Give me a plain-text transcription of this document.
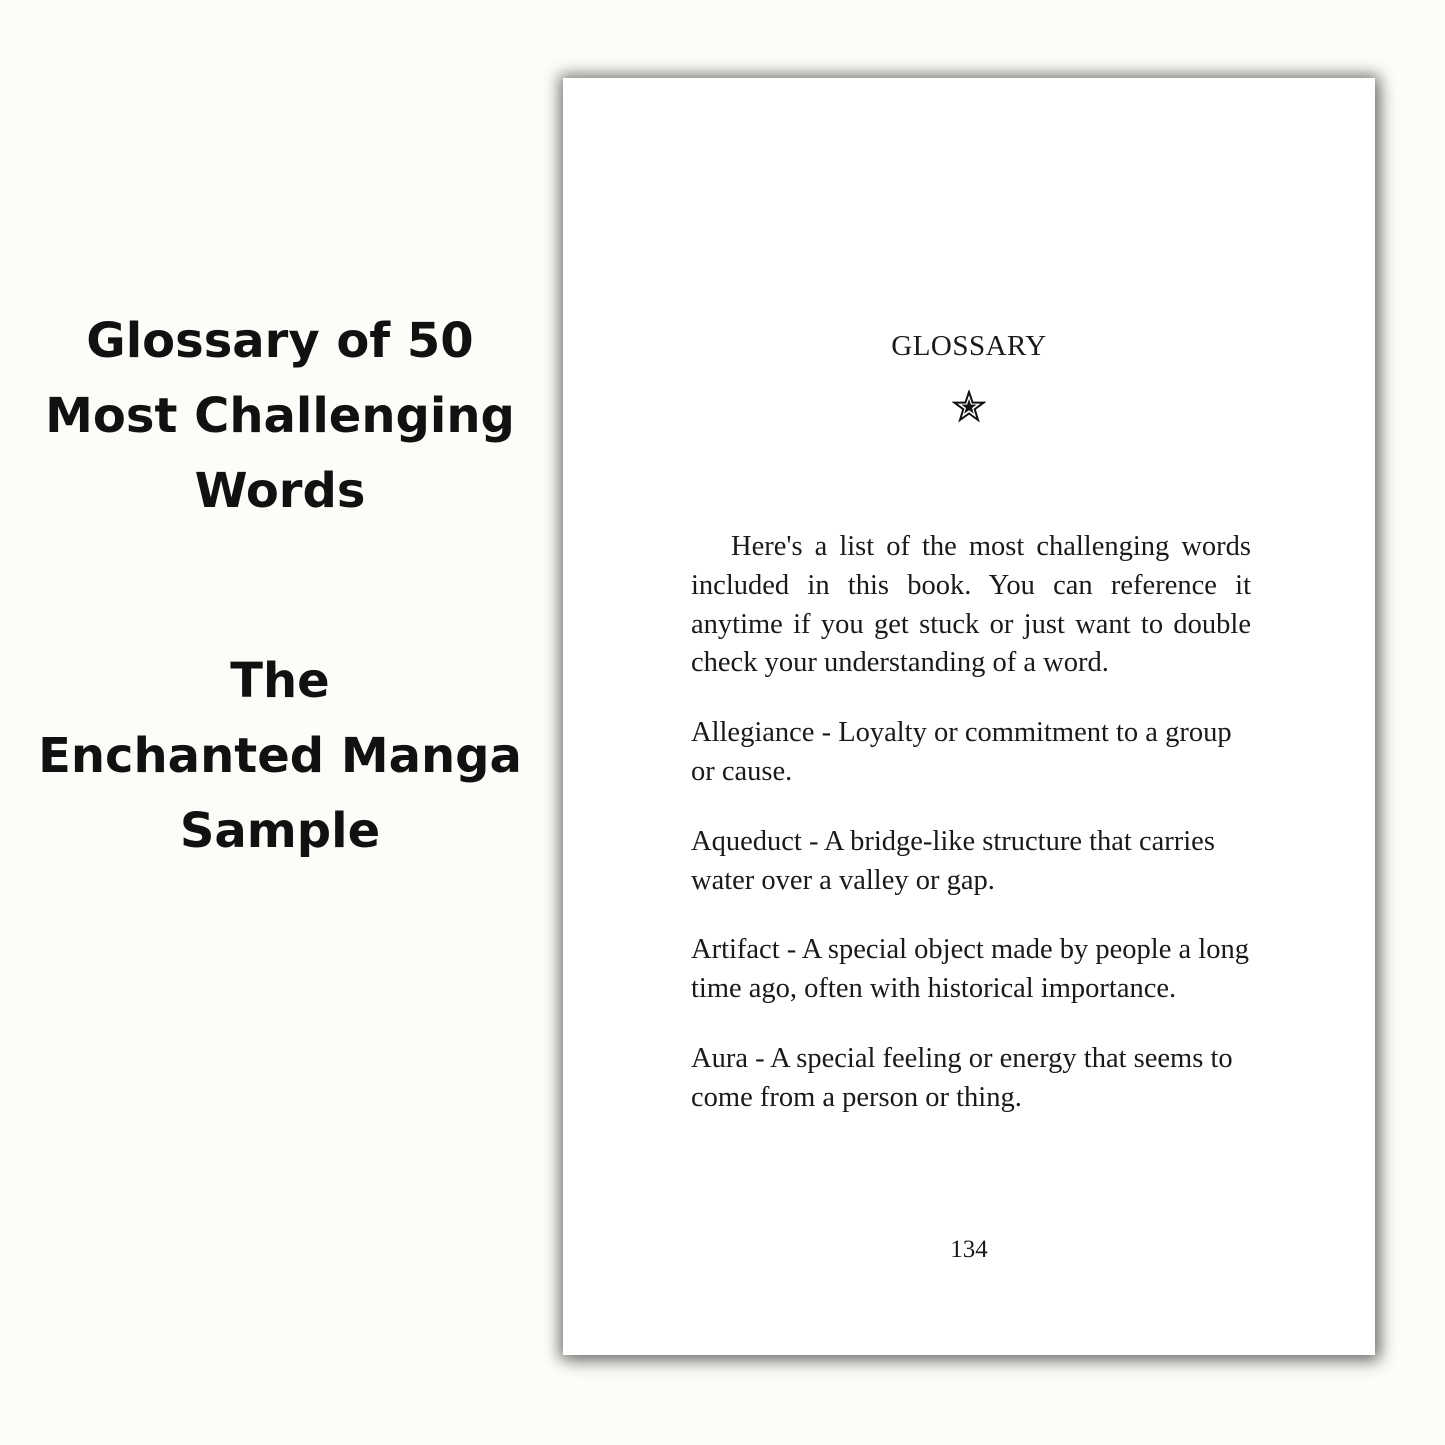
Glossary of 50
Most Challenging
Words
The
Enchanted Manga
Sample
GLOSSARY

Here's a list of the most challenging words included in this book. You can reference it anytime if you get stuck or just want to double check your understanding of a word.

Allegiance - Loyalty or commitment to a group or cause.

Aqueduct - A bridge-like structure that carries water over a valley or gap.

Artifact - A special object made by people a long time ago, often with historical importance.

Aura - A special feeling or energy that seems to come from a person or thing.

134
